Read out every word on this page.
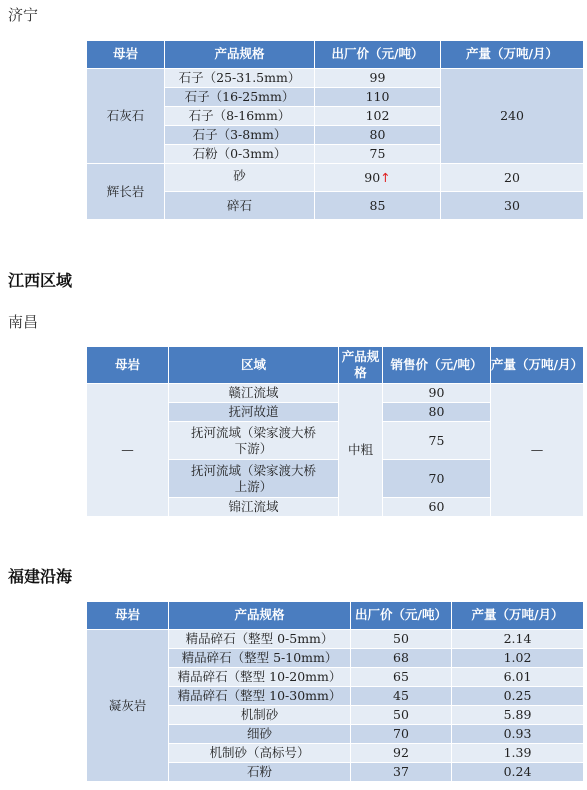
济宁
母岩	产品规格	出厂价（元/吨）	产量（万吨/月）
石灰石	石子（25-31.5mm）	99	240
	石子（16-25mm）	110	
	石子（8-16mm）	102	
	石子（3-8mm）	80	
	石粉（0-3mm）	75	
辉长岩	砂	90↑	20
	碎石	85	30
江西区域
南昌
母岩	区域	产品规格	销售价（元/吨）	产量（万吨/月）
—	赣江流域	中粗	90	—
	抚河故道		80	
	抚河流域（梁家渡大桥下游）		75	
	抚河流域（梁家渡大桥上游）		70	
	锦江流域		60	
福建沿海
母岩	产品规格	出厂价（元/吨）	产量（万吨/月）
凝灰岩	精品碎石（整型 0-5mm）	50	2.14
	精品碎石（整型 5-10mm）	68	1.02
	精品碎石（整型 10-20mm）	65	6.01
	精品碎石（整型 10-30mm）	45	0.25
	机制砂	50	5.89
	细砂	70	0.93
	机制砂（高标号）	92	1.39
	石粉	37	0.24
